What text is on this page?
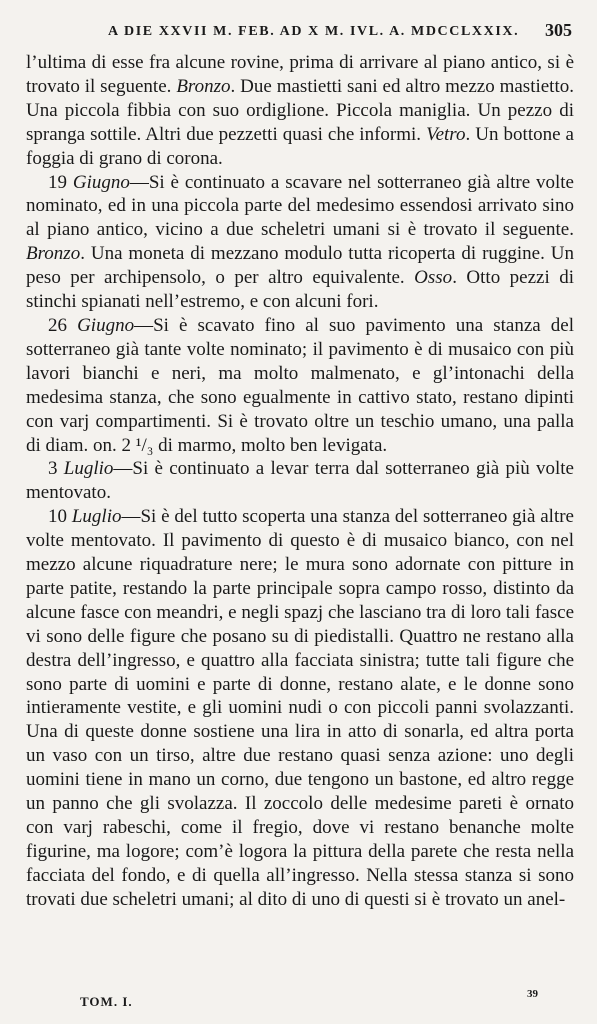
A DIE XXVII M. FEB. AD X M. IVL. A. MDCCLXXIX. 305

l’ultima di esse fra alcune rovine, prima di arrivare al piano antico, si è trovato il seguente. Bronzo. Due mastietti sani ed altro mezzo mastietto. Una piccola fibbia con suo ordiglione. Piccola maniglia. Un pezzo di spranga sottile. Altri due pezzetti quasi che informi. Vetro. Un bottone a foggia di grano di corona.

19 Giugno—Si è continuato a scavare nel sotterraneo già altre volte nominato, ed in una piccola parte del medesimo essendosi arrivato sino al piano antico, vicino a due scheletri umani si è trovato il seguente. Bronzo. Una moneta di mezzano modulo tutta ricoperta di ruggine. Un peso per archipensolo, o per altro equivalente. Osso. Otto pezzi di stinchi spianati nell’estremo, e con alcuni fori.

26 Giugno—Si è scavato fino al suo pavimento una stanza del sotterraneo già tante volte nominato; il pavimento è di musaico con più lavori bianchi e neri, ma molto malmenato, e gl’intonachi della medesima stanza, che sono egualmente in cattivo stato, restano dipinti con varj compartimenti. Si è trovato oltre un teschio umano, una palla di diam. on. 2 ¹/₃ di marmo, molto ben levigata.

3 Luglio—Si è continuato a levar terra dal sotterraneo già più volte mentovato.

10 Luglio—Si è del tutto scoperta una stanza del sotterraneo già altre volte mentovato. Il pavimento di questo è di musaico bianco, con nel mezzo alcune riquadrature nere; le mura sono adornate con pitture in parte patite, restando la parte principale sopra campo rosso, distinto da alcune fasce con meandri, e negli spazj che lasciano tra di loro tali fasce vi sono delle figure che posano su di piedistalli. Quattro ne restano alla destra dell’ingresso, e quattro alla facciata sinistra; tutte tali figure che sono parte di uomini e parte di donne, restano alate, e le donne sono intieramente vestite, e gli uomini nudi o con piccoli panni svolazzanti. Una di queste donne sostiene una lira in atto di sonarla, ed altra porta un vaso con un tirso, altre due restano quasi senza azione: uno degli uomini tiene in mano un corno, due tengono un bastone, ed altro regge un panno che gli svolazza. Il zoccolo delle medesime pareti è ornato con varj rabeschi, come il fregio, dove vi restano benanche molte figurine, ma logore; com’è logora la pittura della parete che resta nella facciata del fondo, e di quella all’ingresso. Nella stessa stanza si sono trovati due scheletri umani; al dito di uno di questi si è trovato un anel-

TOM. I.	39
